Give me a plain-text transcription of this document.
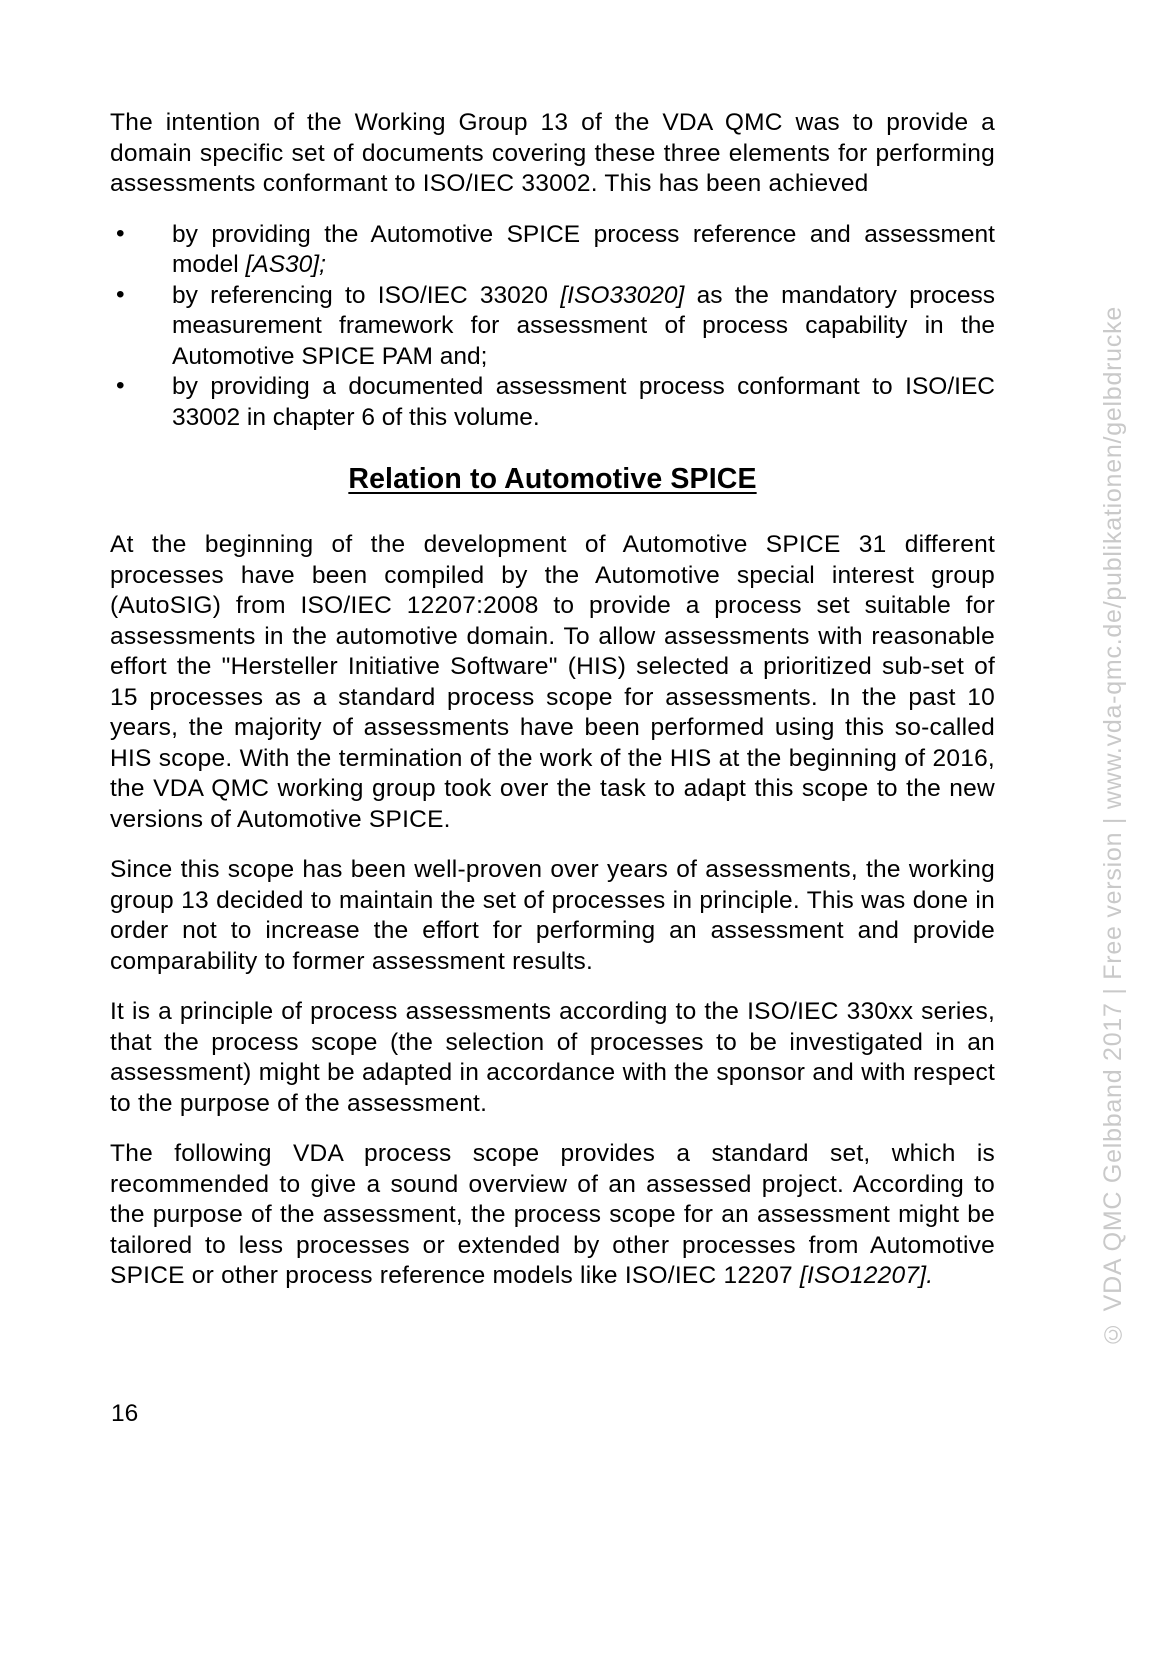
The intention of the Working Group 13 of the VDA QMC was to provide a domain specific set of documents covering these three elements for performing assessments conformant to ISO/IEC 33002. This has been achieved

• by providing the Automotive SPICE process reference and assessment model [AS30];
• by referencing to ISO/IEC 33020 [ISO33020] as the mandatory process measurement framework for assessment of process capability in the Automotive SPICE PAM and;
• by providing a documented assessment process conformant to ISO/IEC 33002 in chapter 6 of this volume.
Relation to Automotive SPICE

At the beginning of the development of Automotive SPICE 31 different processes have been compiled by the Automotive special interest group (AutoSIG) from ISO/IEC 12207:2008 to provide a process set suitable for assessments in the automotive domain. To allow assessments with reasonable effort the "Hersteller Initiative Software" (HIS) selected a prioritized sub-set of 15 processes as a standard process scope for assessments. In the past 10 years, the majority of assessments have been performed using this so-called HIS scope. With the termination of the work of the HIS at the beginning of 2016, the VDA QMC working group took over the task to adapt this scope to the new versions of Automotive SPICE.

Since this scope has been well-proven over years of assessments, the working group 13 decided to maintain the set of processes in principle. This was done in order not to increase the effort for performing an assessment and provide comparability to former assessment results.

It is a principle of process assessments according to the ISO/IEC 330xx series, that the process scope (the selection of processes to be investigated in an assessment) might be adapted in accordance with the sponsor and with respect to the purpose of the assessment.

The following VDA process scope provides a standard set, which is recommended to give a sound overview of an assessed project. According to the purpose of the assessment, the process scope for an assessment might be tailored to less processes or extended by other processes from Automotive SPICE or other process reference models like ISO/IEC 12207 [ISO12207].

16
© VDA QMC Gelbband 2017 | Free version | www.vda-qmc.de/publikationen/gelbdrucke
